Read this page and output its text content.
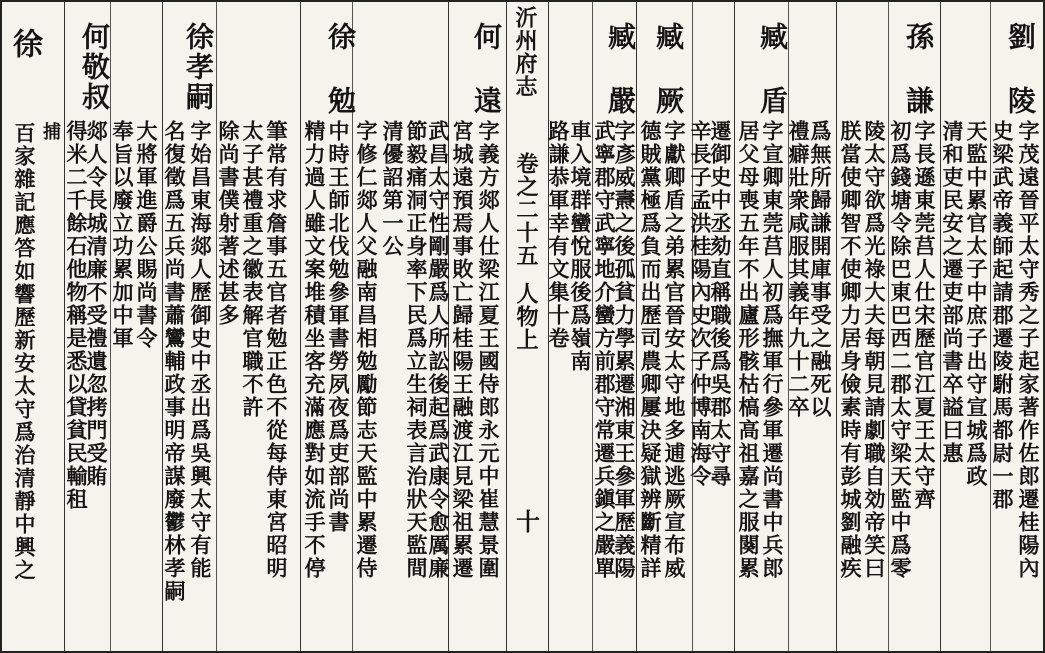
沂州府志
卷之二十五
人物上
十
徐
百家雜記應答如響歷新安太守爲治清靜中興之 捕
何敬叔
郯人令長城清廉不受禮遺忽拷門受賄
得米二千餘石他物稱是悉以貸貧民輸租 奉旨以廢立功累加中軍 大將軍進爵公賜尚書令
徐孝嗣
字始昌東海郯人歷御史中丞出爲吳興太守有能
名復徵爲五兵尚書蕭鸞輔政事明帝謀廢鬱林孝嗣 除尚書僕射著述甚多 太子甚禮重之徽表解官職不許 筆常有求詹事五官者勉正色不從每侍東宮昭明 精力過人雖文案堆積坐客充滿應對如流手不停
徐
勉
中時王師北伐勉參軍書勞夙夜爲吏部尚書 字修仁郯人父融南昌相勉勵節志天監中累遷侍 清優詔第一公 節毅痛洞正身率下民爲立生祠表言治狀天監間
武昌太守性剛嚴爲人所訟後起爲武康令愈厲廉
何
遠
宮城遠預焉事敗亡歸桂陽王融渡江見梁祖累遷 字義方郯人仕梁江夏王國侍郎永元中崔慧景圍 路謙恭軍幸有文集十卷
車入境群蠻悅服後爲嶺南
臧
嚴
武寧郡守武寧地介蠻方前郡守常遷兵鎭之嚴單
字彥威燾之後孤貧力學累遷湘東王參軍歷義陽
臧
厥
德賊黨極爲負而出歷司農卿屢決疑獄辨斷精詳 字獻卿盾之弟累官晉安太守地多逋逃厥宣布威 辛長子孟洪桂陽內史次子仲博南海令
遷御史中丞劾直稱職後爲吳郡太守尋 居父母喪五年不出廬形骸枯槁高祖嘉之服闋累
臧
盾
字宣卿東莞莒人初爲撫軍行參軍遷尚書中兵郎 禮癖壯衆咸服其義年九十二卒
爲無所歸謙開庫事受之融死以 朕當使卿智不使卿力居身儉素時有彭城劉融疾 陵太守欲爲光祿大夫每朝見請劇職自効帝笑曰
孫
謙
初爲錢塘令除巴東巴西二郡太守梁天監中爲零 字長遜東莞莒人仕宋歷官江夏王太守齊 清和吏民安之遷吏部尚書卒謚曰惠 天監中累官太子中庶子出守宣城爲政
劉
陵
史梁武帝義師起請郡遷陵駙馬都尉一郡 字茂遠晉平太守秀之子起家著作佐郎遷桂陽內
